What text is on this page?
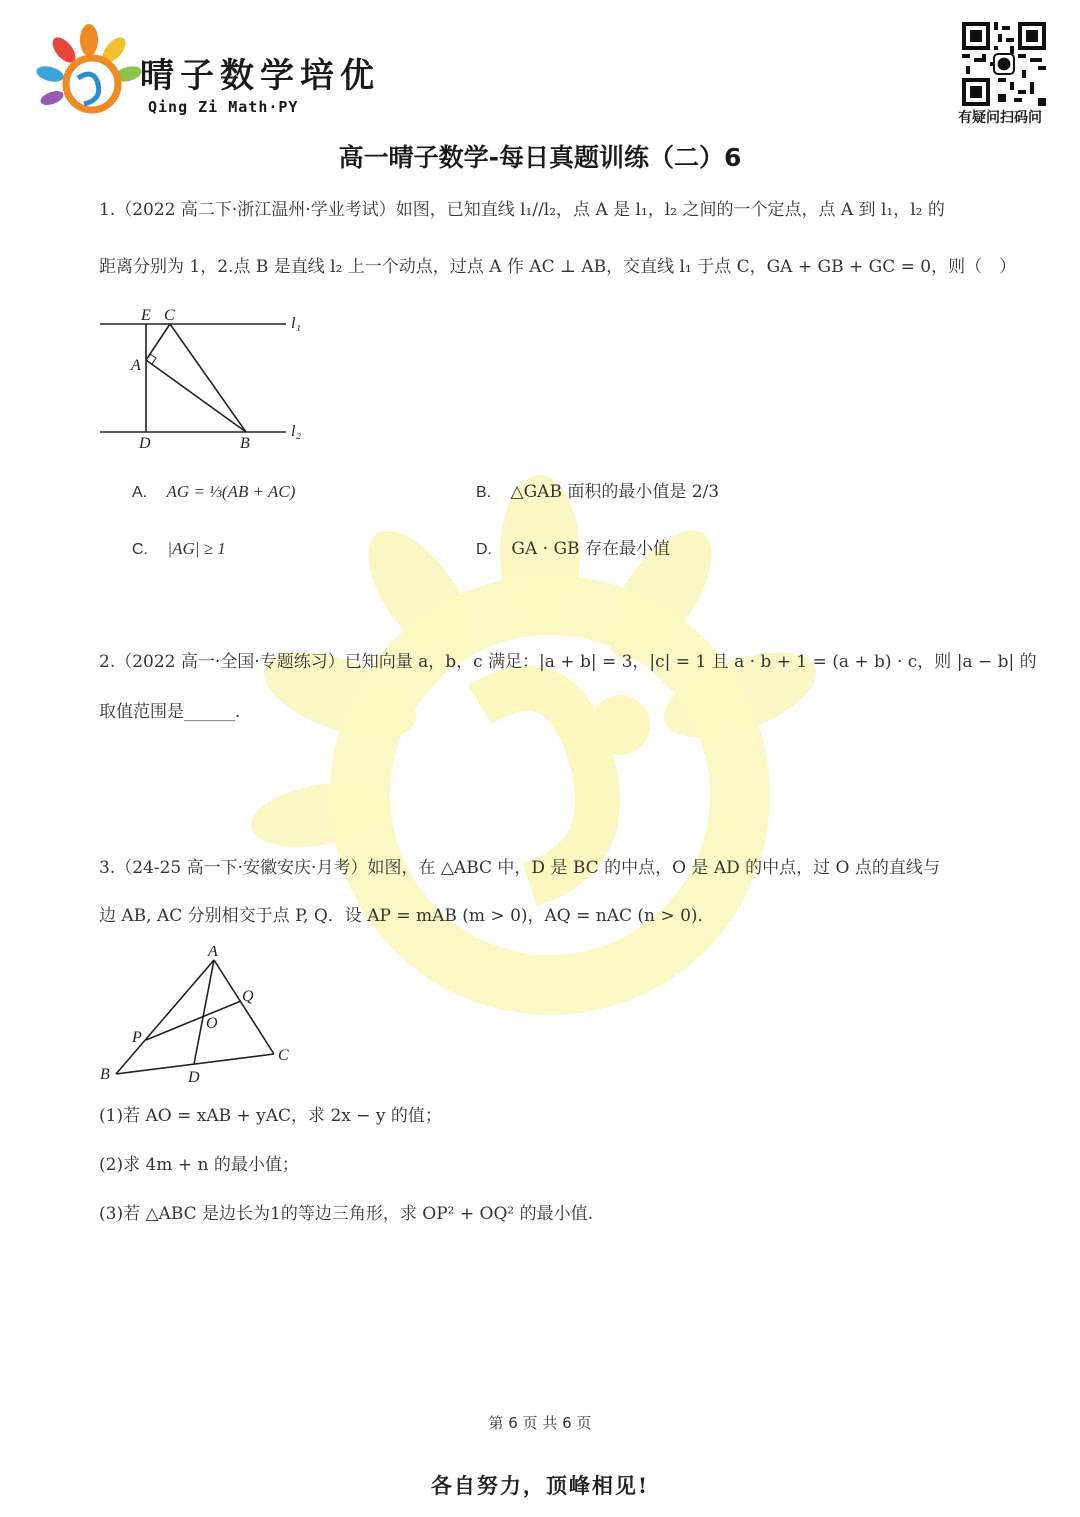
晴子数学培优
Qing Zi Math·PY
有疑问扫码问
高一晴子数学-每日真题训练（二）6
1.（2022 高二下·浙江温州·学业考试）如图，已知直线 l₁//l₂，点 A 是 l₁，l₂ 之间的一个定点，点 A 到 l₁，l₂ 的
距离分别为 1，2.点 B 是直线 l₂ 上一个动点，过点 A 作 AC ⊥ AB，交直线 l₁ 于点 C，GA + GB + GC = 0，则（　）
E C
A
D	B
l₁
l₂
A. AG = ⅓(AB + AC)	B. △GAB 面积的最小值是 2/3
C. |AG| ≥ 1	D. GA · GB 存在最小值
2.（2022 高一·全国·专题练习）已知向量 a，b，c 满足：|a + b| = 3，|c| = 1 且 a · b + 1 = (a + b) · c，则 |a − b| 的
取值范围是______.
3.（24-25 高一下·安徽安庆·月考）如图，在 △ABC 中，D 是 BC 的中点，O 是 AD 的中点，过 O 点的直线与
边 AB, AC 分别相交于点 P, Q．设 AP = mAB (m > 0)，AQ = nAC (n > 0)．
A
Q
O
P
C
B	D
(1)若 AO = xAB + yAC，求 2x − y 的值；
(2)求 4m + n 的最小值；
(3)若 △ABC 是边长为1的等边三角形，求 OP² + OQ² 的最小值.
第 6 页 共 6 页
各自努力，顶峰相见!
